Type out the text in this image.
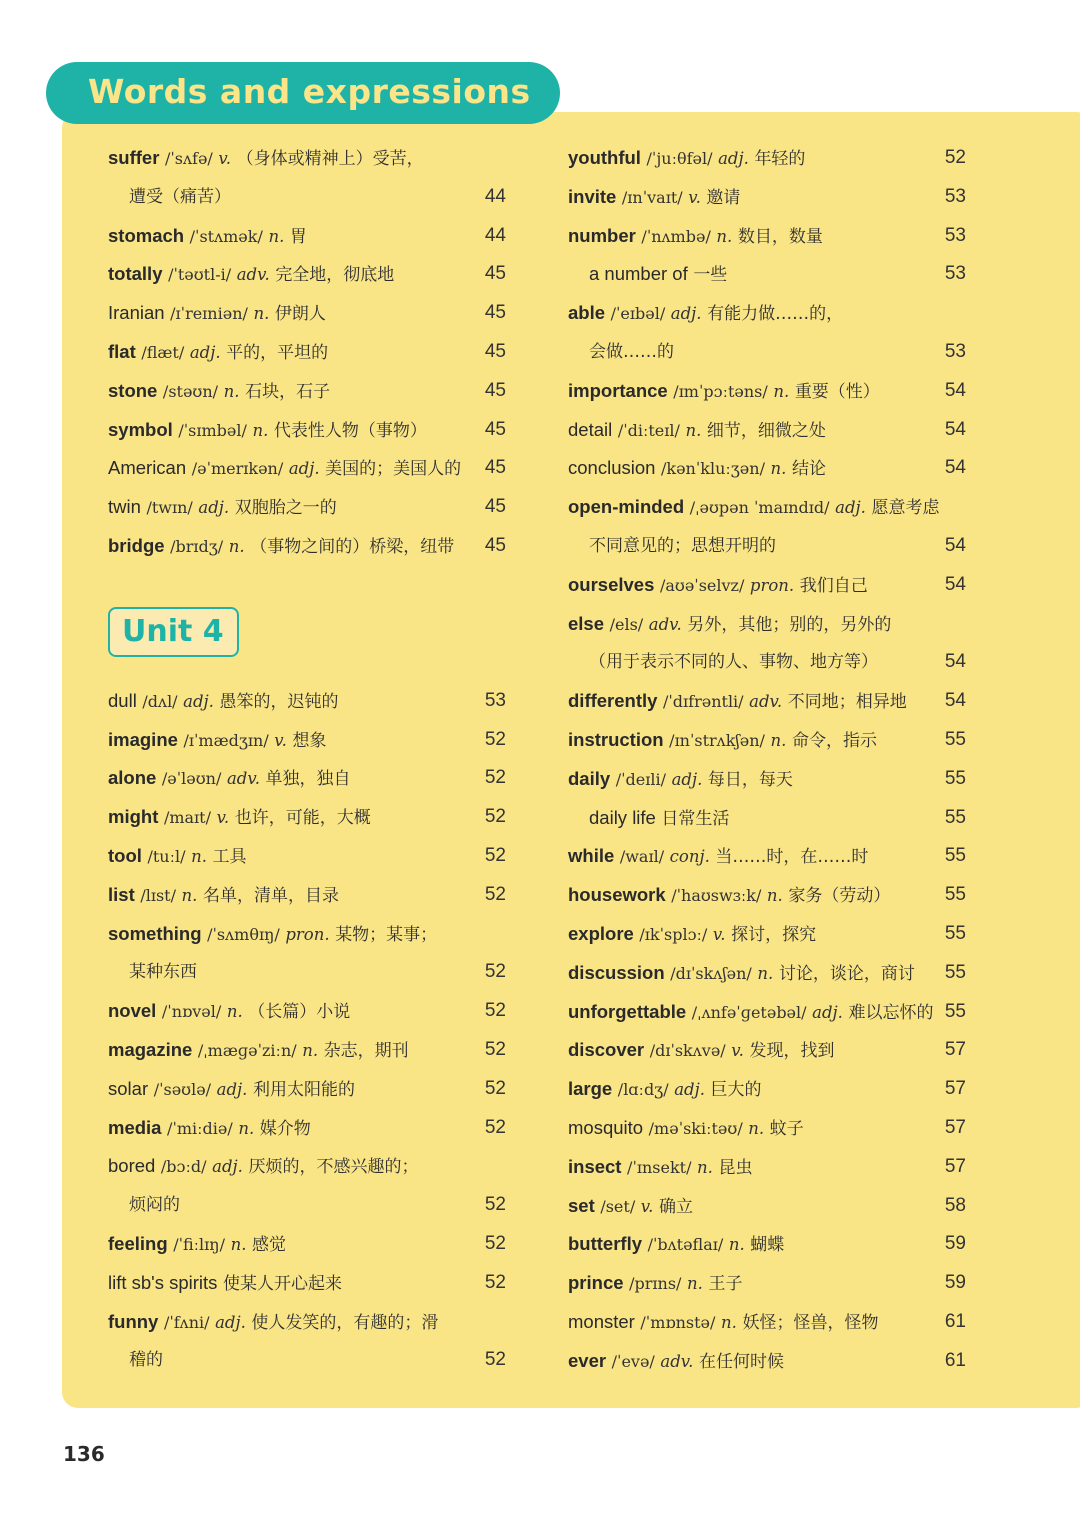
Words and expressions
suffer /ˈsʌfə/ v. （身体或精神上）受苦，
遭受（痛苦）	44
stomach /ˈstʌmək/ n. 胃	44
totally /ˈtəʊtl-i/ adv. 完全地，彻底地	45
Iranian /ɪˈreɪniən/ n. 伊朗人	45
flat /flæt/ adj. 平的，平坦的	45
stone /stəʊn/ n. 石块，石子	45
symbol /ˈsɪmbəl/ n. 代表性人物（事物）	45
American /əˈmerɪkən/ adj. 美国的；美国人的 45
twin /twɪn/ adj. 双胞胎之一的	45
bridge /brɪdʒ/ n. （事物之间的）桥梁，纽带 45
Unit 4
dull /dʌl/ adj. 愚笨的，迟钝的	53
imagine /ɪˈmædʒɪn/ v. 想象	52
alone /əˈləʊn/ adv. 单独，独自	52
might /maɪt/ v. 也许，可能，大概	52
tool /tuːl/ n. 工具	52
list /lɪst/ n. 名单，清单，目录	52
something /ˈsʌmθɪŋ/ pron. 某物；某事；
某种东西	52
novel /ˈnɒvəl/ n. （长篇）小说	52
magazine /ˌmæɡəˈziːn/ n. 杂志，期刊	52
solar /ˈsəʊlə/ adj. 利用太阳能的	52
media /ˈmiːdiə/ n. 媒介物	52
bored /bɔːd/ adj. 厌烦的，不感兴趣的；
烦闷的	52
feeling /ˈfiːlɪŋ/ n. 感觉	52
lift sb's spirits 使某人开心起来	52
funny /ˈfʌni/ adj. 使人发笑的，有趣的；滑
稽的	52
youthful /ˈjuːθfəl/ adj. 年轻的	52
invite /ɪnˈvaɪt/ v. 邀请	53
number /ˈnʌmbə/ n. 数目，数量	53
a number of 一些	53
able /ˈeɪbəl/ adj. 有能力做……的，
会做……的	53
importance /ɪmˈpɔːtəns/ n. 重要（性）	54
detail /ˈdiːteɪl/ n. 细节，细微之处	54
conclusion /kənˈkluːʒən/ n. 结论	54
open-minded /ˌəʊpən ˈmaɪndɪd/ adj. 愿意考虑
不同意见的；思想开明的	54
ourselves /aʊəˈselvz/ pron. 我们自己	54
else /els/ adv. 另外，其他；别的，另外的
（用于表示不同的人、事物、地方等）	54
differently /ˈdɪfrəntli/ adv. 不同地；相异地 54
instruction /ɪnˈstrʌkʃən/ n. 命令，指示	55
daily /ˈdeɪli/ adj. 每日，每天	55
daily life 日常生活	55
while /waɪl/ conj. 当……时，在……时	55
housework /ˈhaʊswɜːk/ n. 家务（劳动）	55
explore /ɪkˈsplɔː/ v. 探讨，探究	55
discussion /dɪˈskʌʃən/ n. 讨论，谈论，商讨 55
unforgettable /ˌʌnfəˈɡetəbəl/ adj. 难以忘怀的 55
discover /dɪˈskʌvə/ v. 发现，找到	57
large /lɑːdʒ/ adj. 巨大的	57
mosquito /məˈskiːtəʊ/ n. 蚊子	57
insect /ˈɪnsekt/ n. 昆虫	57
set /set/ v. 确立	58
butterfly /ˈbʌtəflaɪ/ n. 蝴蝶	59
prince /prɪns/ n. 王子	59
monster /ˈmɒnstə/ n. 妖怪；怪兽，怪物	61
ever /ˈevə/ adv. 在任何时候	61
136
